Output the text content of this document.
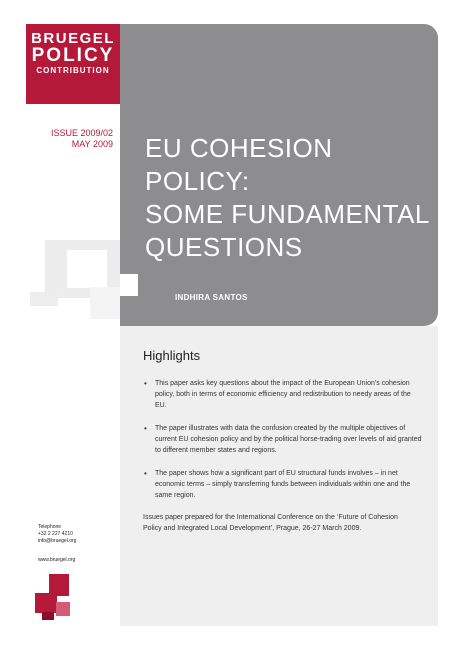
BRUEGEL
POLICY
CONTRIBUTION
ISSUE 2009/02
MAY 2009 EU COHESION POLICY:
SOME FUNDAMENTAL
QUESTIONS
INDHIRA SANTOS
Highlights
• This paper asks key questions about the impact of the European Union's cohesion policy, both in terms of economic efficiency and redistribution to needy areas of the EU.
• The paper illustrates with data the confusion created by the multiple objectives of current EU cohesion policy and by the political horse-trading over levels of aid granted to different member states and regions.
• The paper shows how a significant part of EU structural funds involves – in net economic terms – simply transferring funds between individuals within one and the same region.
Issues paper prepared for the International Conference on the ‘Future of Cohesion Policy and Integrated Local Development’, Prague, 26-27 March 2009.
Telephone
+32 2 227 4210
info@bruegel.org
www.bruegel.org
